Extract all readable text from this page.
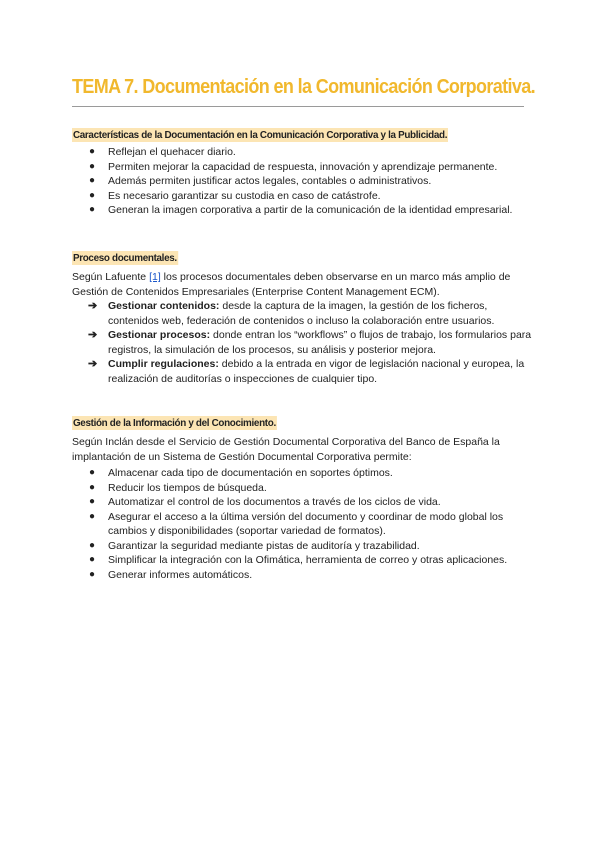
TEMA 7. Documentación en la Comunicación Corporativa.
Características de la Documentación en la Comunicación Corporativa y la Publicidad.
● Reflejan el quehacer diario.
● Permiten mejorar la capacidad de respuesta, innovación y aprendizaje permanente.
● Además permiten justificar actos legales, contables o administrativos.
● Es necesario garantizar su custodia en caso de catástrofe.
● Generan la imagen corporativa a partir de la comunicación de la identidad empresarial.
Proceso documentales.

Según Lafuente [1] los procesos documentales deben observarse en un marco más amplio de Gestión de Contenidos Empresariales (Enterprise Content Management ECM).

➔ Gestionar contenidos: desde la captura de la imagen, la gestión de los ficheros, contenidos web, federación de contenidos o incluso la colaboración entre usuarios.
➔ Gestionar procesos: donde entran los “workflows” o flujos de trabajo, los formularios para registros, la simulación de los procesos, su análisis y posterior mejora.
➔ Cumplir regulaciones: debido a la entrada en vigor de legislación nacional y europea, la realización de auditorías o inspecciones de cualquier tipo.
Gestión de la Información y del Conocimiento.

Según Inclán desde el Servicio de Gestión Documental Corporativa del Banco de España la implantación de un Sistema de Gestión Documental Corporativa permite:

● Almacenar cada tipo de documentación en soportes óptimos.
● Reducir los tiempos de búsqueda.
● Automatizar el control de los documentos a través de los ciclos de vida.
● Asegurar el acceso a la última versión del documento y coordinar de modo global los cambios y disponibilidades (soportar variedad de formatos).
● Garantizar la seguridad mediante pistas de auditoría y trazabilidad.
● Simplificar la integración con la Ofimática, herramienta de correo y otras aplicaciones.
● Generar informes automáticos.
